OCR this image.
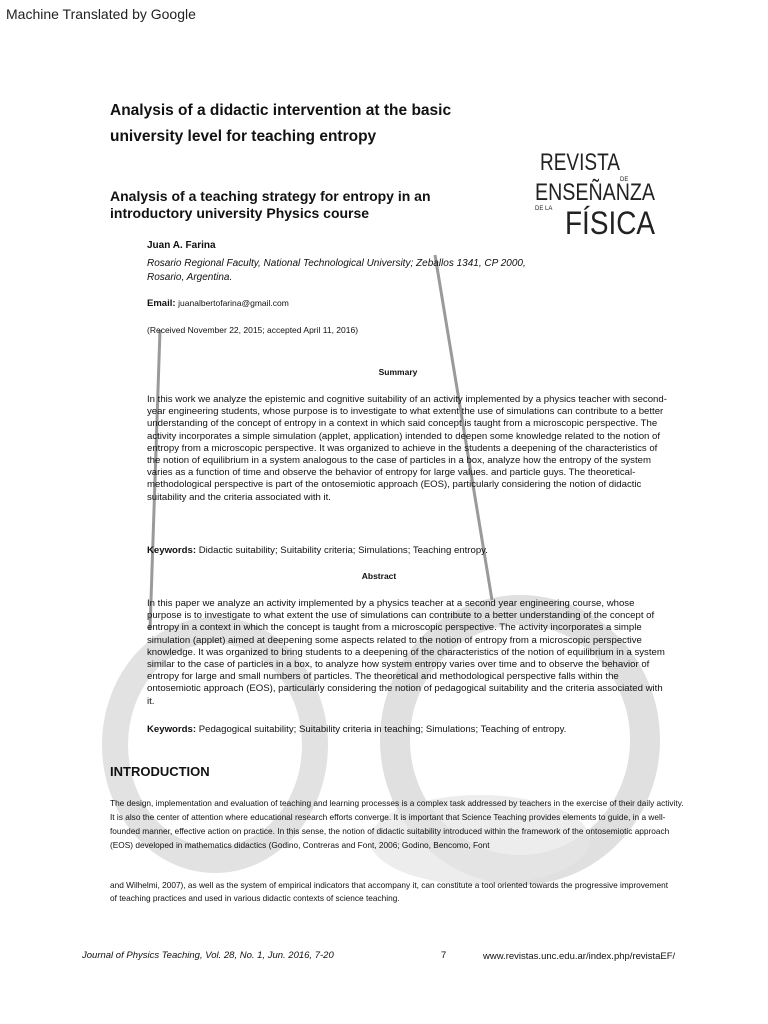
Machine Translated by Google
Analysis of a didactic intervention at the basic university level for teaching entropy
Analysis of a teaching strategy for entropy in an introductory university Physics course
REVISTA
DE
ENSEÑANZA
DE LA FÍSICA
Juan A. Farina
Rosario Regional Faculty, National Technological University; Zeballos 1341, CP 2000, Rosario, Argentina.
Email: juanalbertofarina@gmail.com
(Received November 22, 2015; accepted April 11, 2016)
Summary
In this work we analyze the epistemic and cognitive suitability of an activity implemented by a physics teacher with second-year engineering students, whose purpose is to investigate to what extent the use of simulations can contribute to a better understanding of the concept of entropy in a context in which said concept is taught from a microscopic perspective. The activity incorporates a simple simulation (applet, application) intended to deepen some knowledge related to the notion of entropy from a microscopic perspective. It was organized to achieve in the students a deepening of the characteristics of the notion of equilibrium in a system analogous to the case of particles in a box, analyze how the entropy of the system varies as a function of time and observe the behavior of entropy for large values. and particle guys. The theoretical-methodological perspective is part of the ontosemiotic approach (EOS), particularly considering the notion of didactic suitability and the criteria associated with it.
Keywords: Didactic suitability; Suitability criteria; Simulations; Teaching entropy.
Abstract
In this paper we analyze an activity implemented by a physics teacher at a second year engineering course, whose purpose is to investigate to what extent the use of simulations can contribute to a better understanding of the concept of entropy in a context in which the concept is taught from a microscopic perspective. The activity incorporates a simple simulation (applet) aimed at deepening some aspects related to the notion of entropy from a microscopic perspective knowledge. It was organized to bring students to a deepening of the characteristics of the notion of equilibrium in a system similar to the case of particles in a box, to analyze how system entropy varies over time and to observe the behavior of entropy for large and small numbers of particles. The theoretical and methodological perspective falls within the ontosemiotic approach (EOS), particularly considering the notion of pedagogical suitability and the criteria associated with it.
Keywords: Pedagogical suitability; Suitability criteria in teaching; Simulations; Teaching of entropy.
INTRODUCTION
The design, implementation and evaluation of teaching and learning processes is a complex task addressed by teachers in the exercise of their daily activity. It is also the center of attention where educational research efforts converge. It is important that Science Teaching provides elements to guide, in a well-founded manner, effective action on practice. In this sense, the notion of didactic suitability introduced within the framework of the ontosemiotic approach (EOS) developed in mathematics didactics (Godino, Contreras and Font, 2006; Godino, Bencomo, Font
and Wilhelmi, 2007), as well as the system of empirical indicators that accompany it, can constitute a tool oriented towards the progressive improvement of teaching practices and used in various didactic contexts of science teaching.
Journal of Physics Teaching, Vol. 28, No. 1, Jun. 2016, 7-20	7	www.revistas.unc.edu.ar/index.php/revistaEF/
